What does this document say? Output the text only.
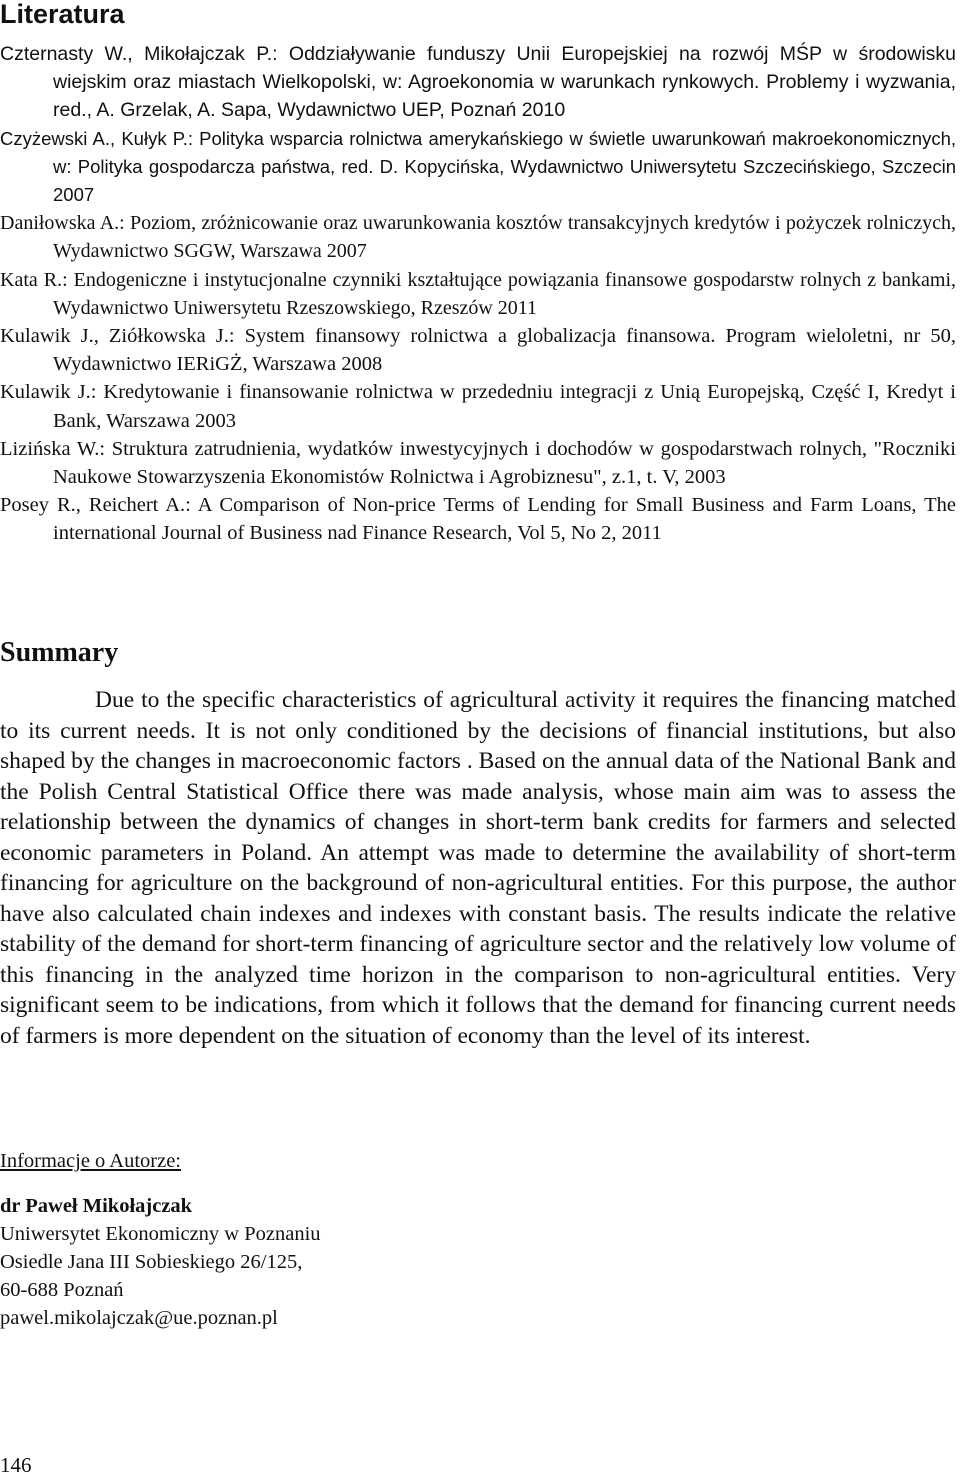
Literatura
Czternasty W., Mikołajczak P.: Oddziaływanie funduszy Unii Europejskiej na rozwój MŚP w środowisku wiejskim oraz miastach Wielkopolski, w: Agroekonomia w warunkach rynkowych. Problemy i wyzwania, red., A. Grzelak, A. Sapa, Wydawnictwo UEP, Poznań 2010
Czyżewski A., Kułyk P.: Polityka wsparcia rolnictwa amerykańskiego w świetle uwarunkowań makroekonomicznych, w: Polityka gospodarcza państwa, red. D. Kopycińska, Wydawnictwo Uniwersytetu Szczecińskiego, Szczecin 2007
Daniłowska A.: Poziom, zróżnicowanie oraz uwarunkowania kosztów transakcyjnych kredytów i pożyczek rolniczych, Wydawnictwo SGGW, Warszawa 2007
Kata R.: Endogeniczne i instytucjonalne czynniki kształtujące powiązania finansowe gospodarstw rolnych z bankami, Wydawnictwo Uniwersytetu Rzeszowskiego, Rzeszów 2011
Kulawik J., Ziółkowska J.: System finansowy rolnictwa a globalizacja finansowa. Program wieloletni, nr 50, Wydawnictwo IERiGŻ, Warszawa 2008
Kulawik J.: Kredytowanie i finansowanie rolnictwa w przededniu integracji z Unią Europejską, Część I, Kredyt i Bank, Warszawa 2003
Lizińska W.: Struktura zatrudnienia, wydatków inwestycyjnych i dochodów w gospodarstwach rolnych, "Roczniki Naukowe Stowarzyszenia Ekonomistów Rolnictwa i Agrobiznesu", z.1, t. V, 2003
Posey R., Reichert A.: A Comparison of Non-price Terms of Lending for Small Business and Farm Loans, The international Journal of Business nad Finance Research, Vol 5, No 2, 2011
Summary

Due to the specific characteristics of agricultural activity it requires the financing matched to its current needs. It is not only conditioned by the decisions of financial institutions, but also shaped by the changes in macroeconomic factors . Based on the annual data of the National Bank and the Polish Central Statistical Office there was made analysis, whose main aim was to assess the relationship between the dynamics of changes in short-term bank credits for farmers and selected economic parameters in Poland. An attempt was made to determine the availability of short-term financing for agriculture on the background of non-agricultural entities. For this purpose, the author have also calculated chain indexes and indexes with constant basis. The results indicate the relative stability of the demand for short-term financing of agriculture sector and the relatively low volume of this financing in the analyzed time horizon in the comparison to non-agricultural entities. Very significant seem to be indications, from which it follows that the demand for financing current needs of farmers is more dependent on the situation of economy than the level of its interest.

Informacje o Autorze:
dr Paweł Mikołajczak
Uniwersytet Ekonomiczny w Poznaniu
Osiedle Jana III Sobieskiego 26/125,
60-688 Poznań
pawel.mikolajczak@ue.poznan.pl
146
